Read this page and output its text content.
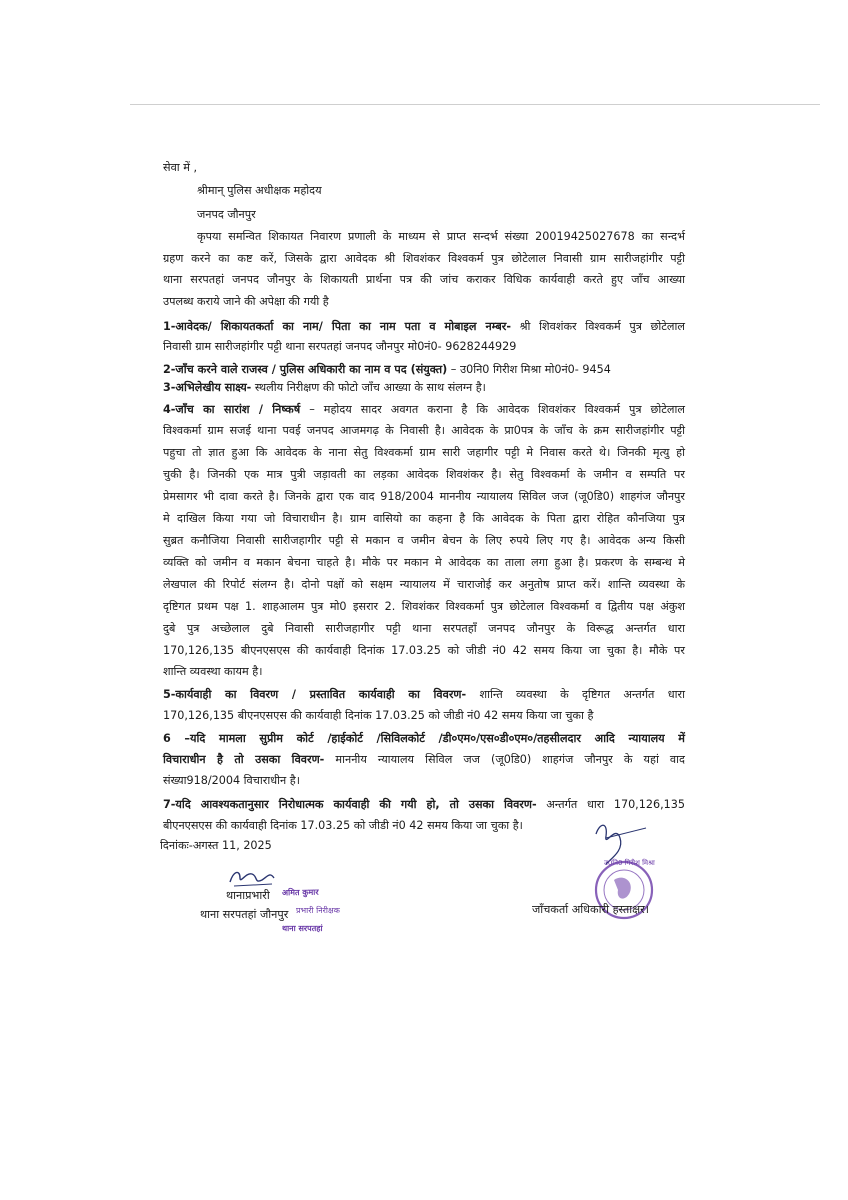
सेवा में ,
श्रीमान् पुलिस अधीक्षक महोदय
जनपद जौनपुर
कृपया समन्वित शिकायत निवारण प्रणाली के माध्यम से प्राप्त सन्दर्भ संख्या 20019425027678 का सन्दर्भ
ग्रहण करने का कष्ट करें, जिसके द्वारा आवेदक श्री शिवशंकर विश्वकर्म पुत्र छोटेलाल निवासी ग्राम सारीजहांगीर पट्टी
थाना सरपतहां जनपद जौनपुर के शिकायती प्रार्थना पत्र की जांच कराकर विधिक कार्यवाही करते हुए जाँच आख्या
उपलब्ध कराये जाने की अपेक्षा की गयी है
1-आवेदक/ शिकायतकर्ता का नाम/ पिता का नाम पता व मोबाइल नम्बर- श्री शिवशंकर विश्वकर्म पुत्र छोटेलाल
निवासी ग्राम सारीजहांगीर पट्टी थाना सरपतहां जनपद जौनपुर मो0नं0- 9628244929
2-जाँच करने वाले राजस्व / पुलिस अधिकारी का नाम व पद (संयुक्त) – उ0नि0 गिरीश मिश्रा मो0नं0- 9454
3-अभिलेखीय साक्ष्य- स्थलीय निरीक्षण की फोटो जाँच आख्या के साथ संलग्न है।
4-जाँच का सारांश / निष्कर्ष – महोदय सादर अवगत कराना है कि आवेदक शिवशंकर विश्वकर्म पुत्र छोटेलाल
विश्वकर्मा ग्राम सजई थाना पवई जनपद आजमगढ़ के निवासी है। आवेदक के प्रा0पत्र के जाँच के क्रम सारीजहांगीर पट्टी
पहुचा तो ज्ञात हुआ कि आवेदक के नाना सेतु विश्वकर्मा ग्राम सारी जहागीर पट्टी मे निवास करते थे। जिनकी मृत्यु हो
चुकी है। जिनकी एक मात्र पुत्री जड़ावती का लड़का आवेदक शिवशंकर है। सेतु विश्वकर्मा के जमीन व सम्पति पर
प्रेमसागर भी दावा करते है। जिनके द्वारा एक वाद 918/2004 माननीय न्यायालय सिविल जज (जू0डि0) शाहगंज जौनपुर
मे दाखिल किया गया जो विचाराधीन है। ग्राम वासियो का कहना है कि आवेदक के पिता द्वारा रोहित कौनजिया पुत्र
सुब्रत कनौजिया निवासी सारीजहागीर पट्टी से मकान व जमीन बेचन के लिए रुपये लिए गए है। आवेदक अन्य किसी
व्यक्ति को जमीन व मकान बेचना चाहते है। मौके पर मकान मे आवेदक का ताला लगा हुआ है। प्रकरण के सम्बन्ध मे
लेखपाल की रिपोर्ट संलग्न है। दोनो पक्षों को सक्षम न्यायालय में चाराजोई कर अनुतोष प्राप्त करें। शान्ति व्यवस्था के
दृष्टिगत प्रथम पक्ष 1. शाहआलम पुत्र मो0 इसरार 2. शिवशंकर विश्वकर्मा पुत्र छोटेलाल विश्वकर्मा व द्वितीय पक्ष अंकुश
दुबे पुत्र अच्छेलाल दुबे निवासी सारीजहागीर पट्टी थाना सरपतहाँ जनपद जौनपुर के विरूद्ध अन्तर्गत धारा
170,126,135 बीएनएसएस की कार्यवाही दिनांक 17.03.25 को जीडी नं0 42 समय किया जा चुका है। मौके पर
शान्ति व्यवस्था कायम है।
5-कार्यवाही का विवरण / प्रस्तावित कार्यवाही का विवरण- शान्ति व्यवस्था के दृष्टिगत अन्तर्गत धारा
170,126,135 बीएनएसएस की कार्यवाही दिनांक 17.03.25 को जीडी नं0 42 समय किया जा चुका है
6 –यदि मामला सुप्रीम कोर्ट /हाईकोर्ट /सिविलकोर्ट /डी०एम०/एस०डी०एम०/तहसीलदार आदि न्यायालय में
विचाराधीन है तो उसका विवरण- माननीय न्यायालय सिविल जज (जू0डि0) शाहगंज जौनपुर के यहां वाद
संख्या918/2004 विचाराधीन है।
7-यदि आवश्यकतानुसार निरोधात्मक कार्यवाही की गयी हो, तो उसका विवरण- अन्तर्गत धारा 170,126,135
बीएनएसएस की कार्यवाही दिनांक 17.03.25 को जीडी नं0 42 समय किया जा चुका है।
दिनांकः-अगस्त 11, 2025
थानाप्रभारी
थाना सरपतहां जौनपुर
अमित कुमार
प्रभारी निरीक्षक
थाना सरपतहां
उ0नि0 गिरीश मिश्रा
जाँचकर्ता अधिकारी हस्ताक्षर।
